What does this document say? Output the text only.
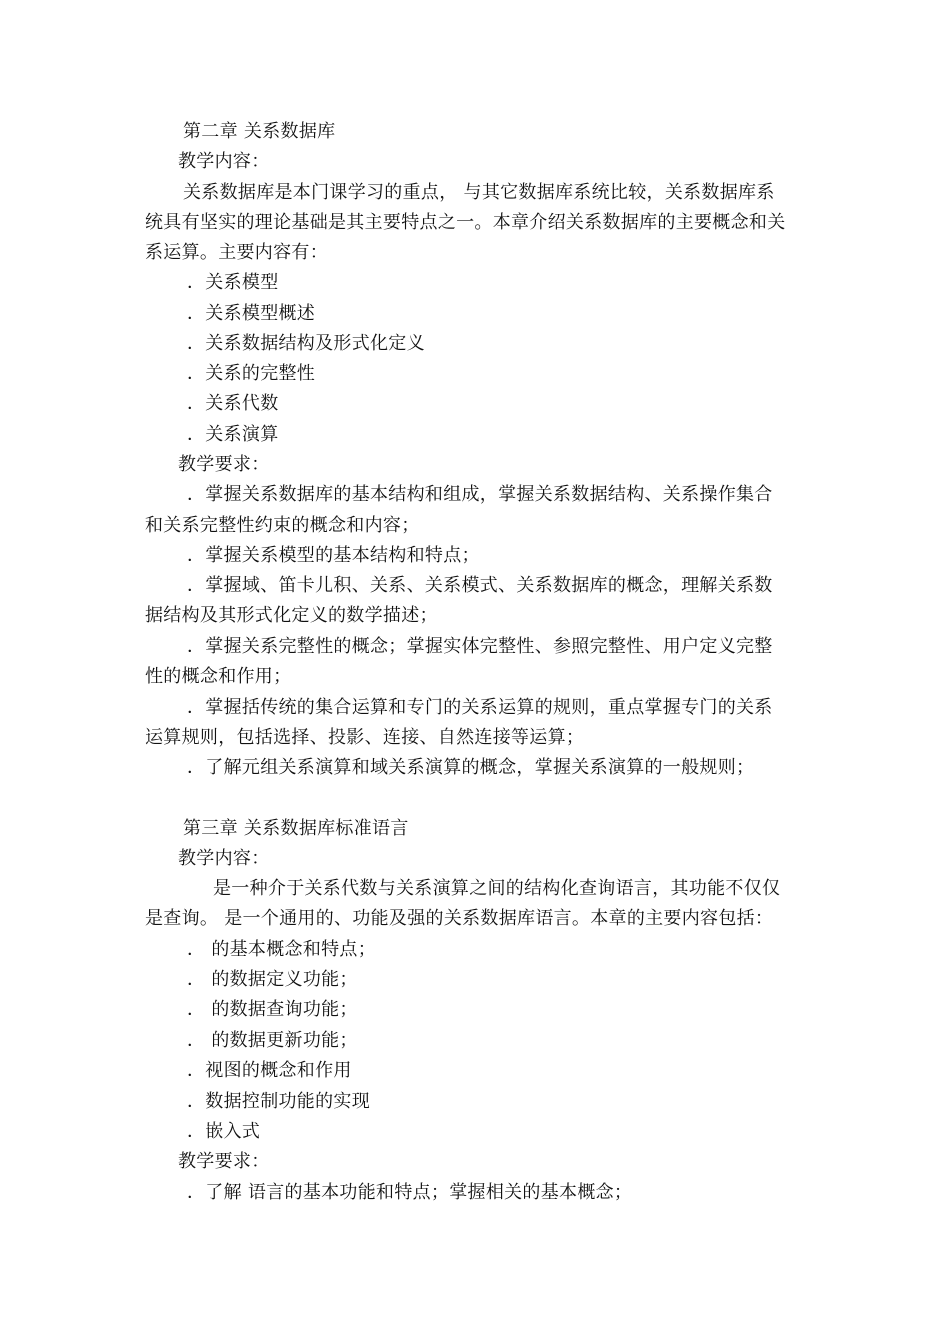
第二章 关系数据库
教学内容：
关系数据库是本门课学习的重点， 与其它数据库系统比较，关系数据库系
统具有坚实的理论基础是其主要特点之一。本章介绍关系数据库的主要概念和关
系运算。主要内容有：
．关系模型
．关系模型概述
．关系数据结构及形式化定义
．关系的完整性
．关系代数
．关系演算
教学要求：
．掌握关系数据库的基本结构和组成，掌握关系数据结构、关系操作集合
和关系完整性约束的概念和内容；
．掌握关系模型的基本结构和特点；
．掌握域、笛卡儿积、关系、关系模式、关系数据库的概念，理解关系数
据结构及其形式化定义的数学描述；
．掌握关系完整性的概念；掌握实体完整性、参照完整性、用户定义完整
性的概念和作用；
．掌握括传统的集合运算和专门的关系运算的规则，重点掌握专门的关系
运算规则，包括选择、投影、连接、自然连接等运算；
．了解元组关系演算和域关系演算的概念，掌握关系演算的一般规则；
第三章 关系数据库标准语言
教学内容：
是一种介于关系代数与关系演算之间的结构化查询语言，其功能不仅仅
是查询。 是一个通用的、功能及强的关系数据库语言。本章的主要内容包括：
． 的基本概念和特点；
． 的数据定义功能；
． 的数据查询功能；
． 的数据更新功能；
．视图的概念和作用
．数据控制功能的实现
．嵌入式
教学要求：
．了解 语言的基本功能和特点；掌握相关的基本概念；
